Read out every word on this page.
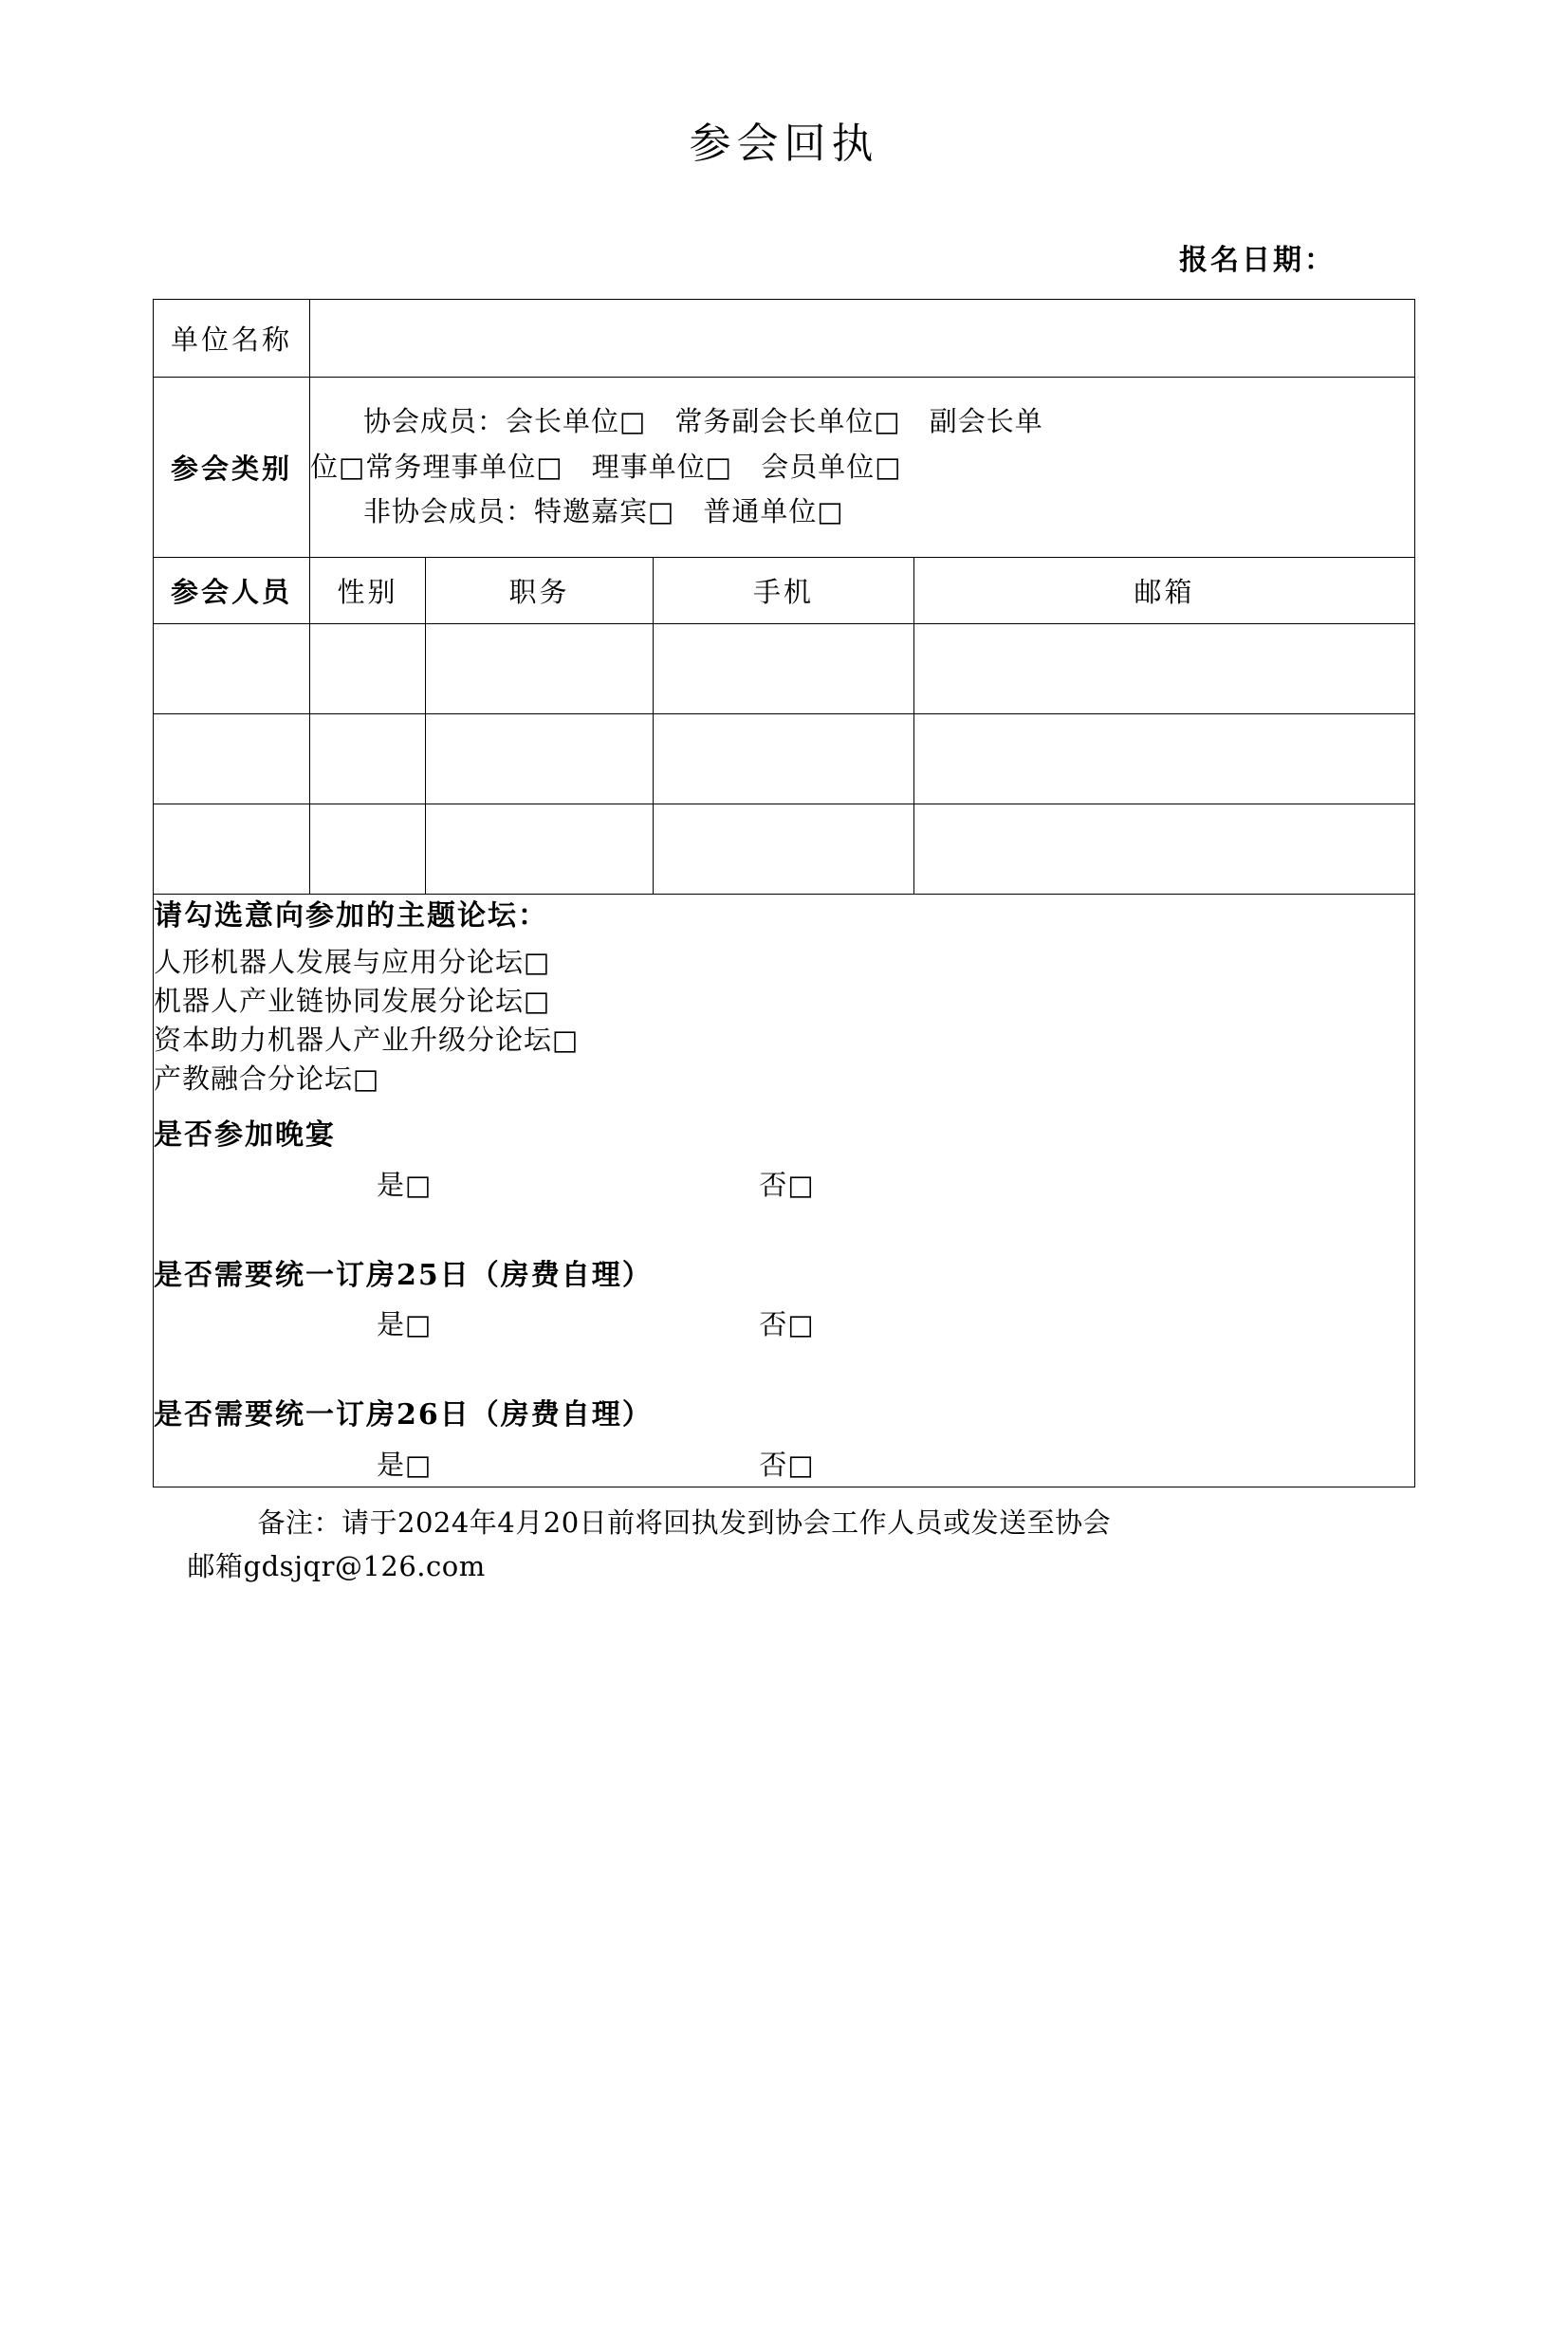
参会回执
报名日期：
单位名称				
参会类别	协会成员：会长单位□　常务副会长单位□　副会长单
位□常务理事单位□　理事单位□　会员单位□
非协会成员：特邀嘉宾□　普通单位□			

参会人员	性别	职务	手机	邮箱

请勾选意向参加的主题论坛：
人形机器人发展与应用分论坛□
机器人产业链协同发展分论坛□
资本助力机器人产业升级分论坛□
产教融合分论坛□
是否参加晚宴
是□	否□
是否需要统一订房25日（房费自理）
是□	否□
是否需要统一订房26日（房费自理）
是□	否□
备注：请于2024年4月20日前将回执发到协会工作人员或发送至协会
邮箱gdsjqr@126.com
